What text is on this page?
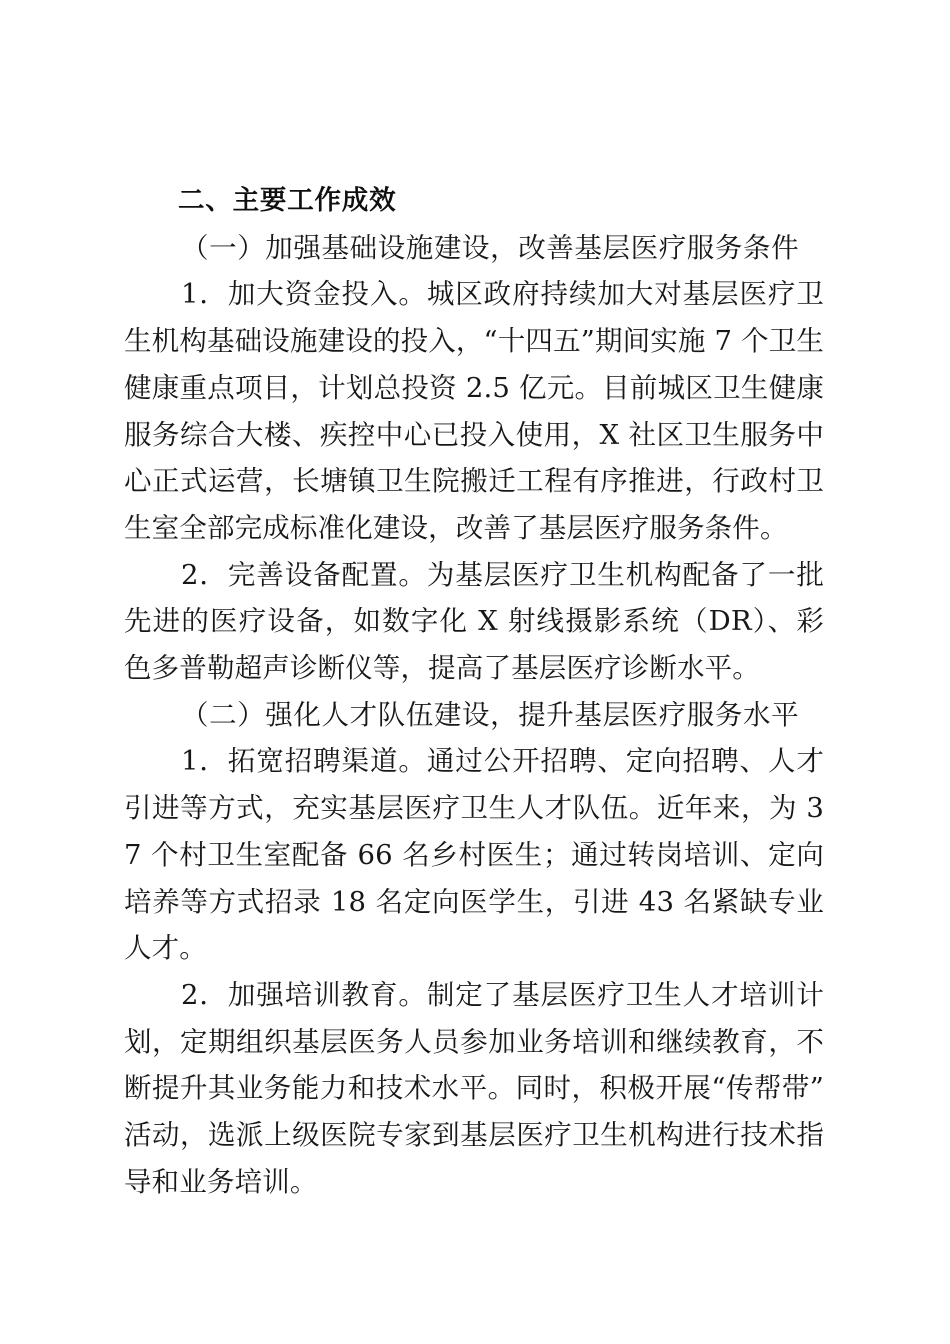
二、主要工作成效

（一）加强基础设施建设，改善基层医疗服务条件

1．加大资金投入。城区政府持续加大对基层医疗卫生机构基础设施建设的投入，“十四五”期间实施 7 个卫生健康重点项目，计划总投资 2.5 亿元。目前城区卫生健康服务综合大楼、疾控中心已投入使用，X 社区卫生服务中心正式运营，长塘镇卫生院搬迁工程有序推进，行政村卫生室全部完成标准化建设，改善了基层医疗服务条件。

2．完善设备配置。为基层医疗卫生机构配备了一批先进的医疗设备，如数字化 X 射线摄影系统（DR）、彩色多普勒超声诊断仪等，提高了基层医疗诊断水平。

（二）强化人才队伍建设，提升基层医疗服务水平

1．拓宽招聘渠道。通过公开招聘、定向招聘、人才引进等方式，充实基层医疗卫生人才队伍。近年来，为 37 个村卫生室配备 66 名乡村医生；通过转岗培训、定向培养等方式招录 18 名定向医学生，引进 43 名紧缺专业人才。

2．加强培训教育。制定了基层医疗卫生人才培训计划，定期组织基层医务人员参加业务培训和继续教育，不断提升其业务能力和技术水平。同时，积极开展“传帮带”活动，选派上级医院专家到基层医疗卫生机构进行技术指导和业务培训。
